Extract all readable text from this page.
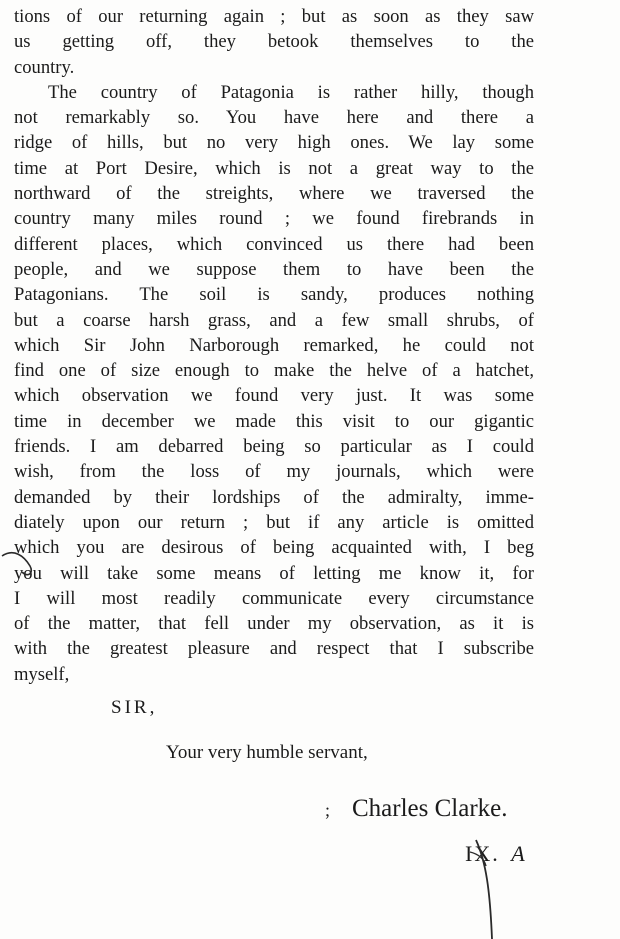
tions of our returning again ; but as soon as they saw
us getting off, they betook themselves to the
country.
The country of Patagonia is rather hilly, though
not remarkably so. You have here and there a
ridge of hills, but no very high ones. We lay some
time at Port Desire, which is not a great way to the
northward of the streights, where we traversed the
country many miles round ; we found firebrands in
different places, which convinced us there had been
people, and we suppose them to have been the
Patagonians. The soil is sandy, produces nothing
but a coarse harsh grass, and a few small shrubs, of
which Sir John Narborough remarked, he could not
find one of size enough to make the helve of a hatchet,
which observation we found very just. It was some
time in december we made this visit to our gigantic
friends. I am debarred being so particular as I could
wish, from the loss of my journals, which were
demanded by their lordships of the admiralty, imme-
diately upon our return ; but if any article is omitted
which you are desirous of being acquainted with, I beg
you will take some means of letting me know it, for
I will most readily communicate every circumstance
of the matter, that fell under my observation, as it is
with the greatest pleasure and respect that I subscribe
myself,
SIR,
Your very humble servant,
; Charles Clarke.
IX. A
